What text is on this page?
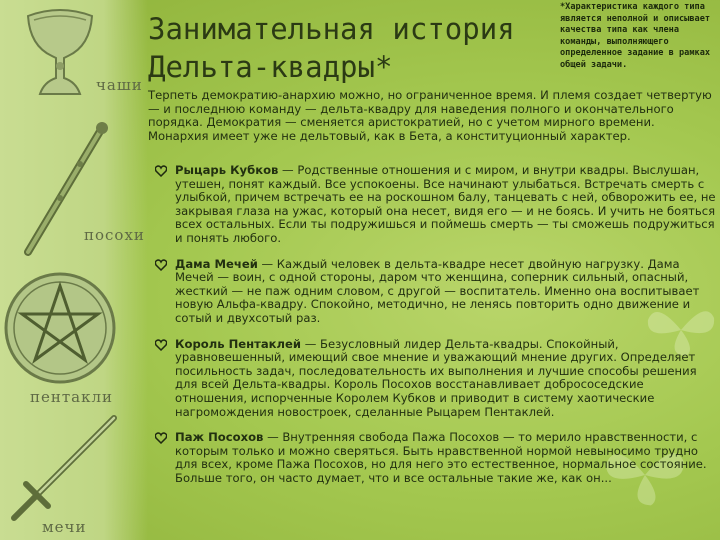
чаши
посохи
пентакли
мечи
Занимательная история
Дельта-квадры*
*Характеристика каждого типа является неполной и описывает качества типа как члена команды, выполняющего определенное задание в рамках общей задачи.
Терпеть демократию-анархию можно, но ограниченное время. И племя создает четвертую — и последнюю команду — дельта-квадру для наведения полного и окончательного порядка. Демократия — сменяется аристократией, но с учетом мирного времени. Монархия имеет уже не дельтовый, как в Бета, а конституционный характер.
Рыцарь Кубков — Родственные отношения и с миром, и внутри квадры. Выслушан, утешен, понят каждый. Все успокоены. Все начинают улыбаться. Встречать смерть с улыбкой, причем встречать ее на роскошном балу, танцевать с ней, обворожить ее, не закрывая глаза на ужас, который она несет, видя его — и не боясь. И учить не бояться всех остальных. Если ты подружишься и поймешь смерть — ты сможешь подружиться и понять любого.
Дама Мечей — Каждый человек в дельта-квадре несет двойную нагрузку. Дама Мечей — воин, с одной стороны, даром что женщина, соперник сильный, опасный, жесткий — не паж одним словом, с другой — воспитатель. Именно она воспитывает новую Альфа-квадру. Спокойно, методично, не ленясь повторить одно движение и сотый и двухсотый раз.
Король Пентаклей — Безусловный лидер Дельта-квадры. Спокойный, уравновешенный, имеющий свое мнение и уважающий мнение других. Определяет посильность задач, последовательность их выполнения и лучшие способы решения для всей Дельта-квадры. Король Посохов восстанавливает добрососедские отношения, испорченные Королем Кубков и приводит в систему хаотические нагромождения новостроек, сделанные Рыцарем Пентаклей.
Паж Посохов — Внутренняя свобода Пажа Посохов — то мерило нравственности, с которым только и можно сверяться. Быть нравственной нормой невыносимо трудно для всех, кроме Пажа Посохов, но для него это естественное, нормальное состояние. Больше того, он часто думает, что и все остальные такие же, как он...
